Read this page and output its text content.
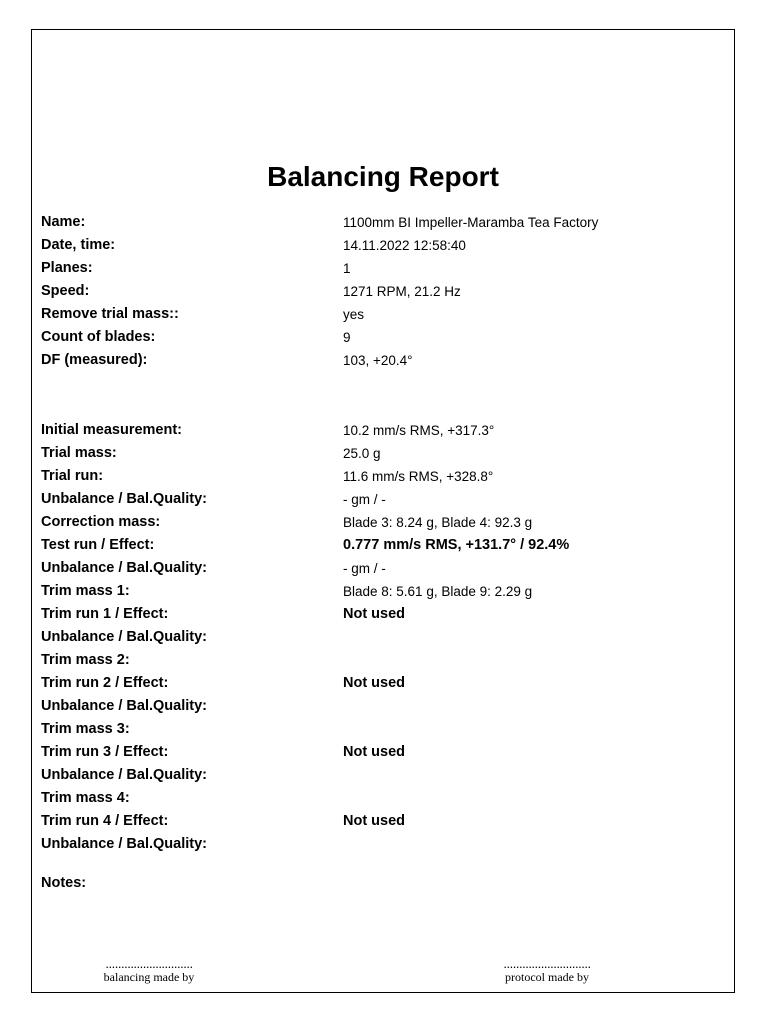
Balancing Report
Name:	1100mm BI Impeller-Maramba Tea Factory
Date, time:	14.11.2022 12:58:40
Planes:	1
Speed:	1271 RPM, 21.2 Hz
Remove trial mass::	yes
Count of blades:	9
DF (measured):	103, +20.4°
Initial measurement:	10.2 mm/s RMS, +317.3°
Trial mass:	25.0 g
Trial run:	11.6 mm/s RMS, +328.8°
Unbalance / Bal.Quality:	- gm / -
Correction mass:	Blade 3: 8.24 g, Blade 4: 92.3 g
Test run / Effect:	0.777 mm/s RMS, +131.7° / 92.4%
Unbalance / Bal.Quality:	- gm / -
Trim mass 1:	Blade 8: 5.61 g, Blade 9: 2.29 g
Trim run 1 / Effect:	Not used
Unbalance / Bal.Quality:
Trim mass 2:
Trim run 2 / Effect:	Not used
Unbalance / Bal.Quality:
Trim mass 3:
Trim run 3 / Effect:	Not used
Unbalance / Bal.Quality:
Trim mass 4:
Trim run 4 / Effect:	Not used
Unbalance / Bal.Quality:
Notes:
............................
balancing made by
............................
protocol made by
